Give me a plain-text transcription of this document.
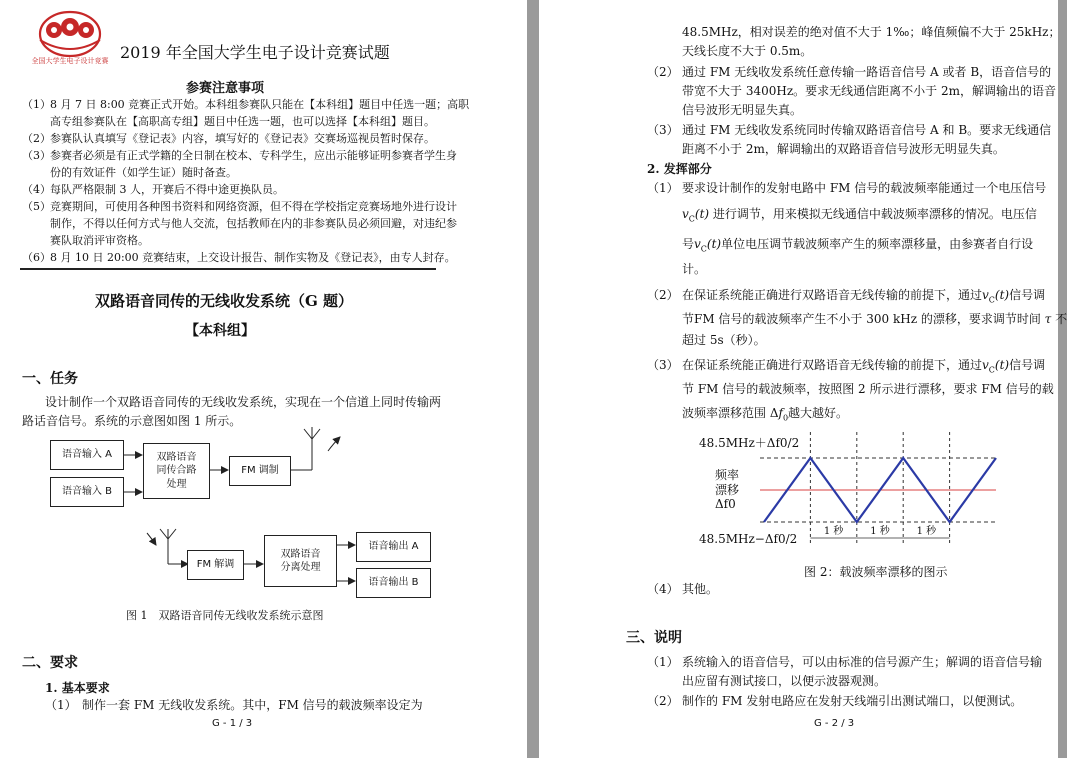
全国大学生电子设计竞赛 2019 年全国大学生电子设计竞赛试题
参赛注意事项
（1）8 月 7 日 8:00 竞赛正式开始。本科组参赛队只能在【本科组】题目中任选一题；高职
高专组参赛队在【高职高专组】题目中任选一题，也可以选择【本科组】题目。
（2）参赛队认真填写《登记表》内容，填写好的《登记表》交赛场巡视员暂时保存。
（3）参赛者必须是有正式学籍的全日制在校本、专科学生，应出示能够证明参赛者学生身
份的有效证件（如学生证）随时备查。
（4）每队严格限制 3 人，开赛后不得中途更换队员。
（5）竞赛期间，可使用各种图书资料和网络资源，但不得在学校指定竞赛场地外进行设计
制作，不得以任何方式与他人交流，包括教师在内的非参赛队员必须回避，对违纪参
赛队取消评审资格。
（6）8 月 10 日 20:00 竞赛结束，上交设计报告、制作实物及《登记表》，由专人封存。
双路语音同传的无线收发系统（G 题）
【本科组】
一、任务
设计制作一个双路语音同传的无线收发系统，实现在一个信道上同时传输两
路话音信号。系统的示意图如图 1 所示。
语音输入 A
语音输入 B
双路语音
同传合路
处理
FM 调制
FM 解调
双路语音
分离处理
语音输出 A
语音输出 B
图 1　双路语音同传无线收发系统示意图
二、要求
1. 基本要求
（1） 制作一套 FM 无线收发系统。其中，FM 信号的载波频率设定为
G - 1 / 3
48.5MHz，相对误差的绝对值不大于 1‰；峰值频偏不大于 25kHz；
天线长度不大于 0.5m。
（2） 通过 FM 无线收发系统任意传输一路语音信号 A 或者 B，语音信号的
带宽不大于 3400Hz。要求无线通信距离不小于 2m，解调输出的语音
信号波形无明显失真。
（3） 通过 FM 无线收发系统同时传输双路语音信号 A 和 B。要求无线通信
距离不小于 2m，解调输出的双路语音信号波形无明显失真。
2. 发挥部分
（1） 要求设计制作的发射电路中 FM 信号的载波频率能通过一个电压信号
$v_C(t)$ 进行调节，用来模拟无线通信中载波频率漂移的情况。电压信
号$v_C(t)$单位电压调节载波频率产生的频率漂移量，由参赛者自行设
计。
（2） 在保证系统能正确进行双路语音无线传输的前提下，通过$v_C(t)$信号调
节FM 信号的载波频率产生不小于 300 kHz 的漂移，要求调节时间 τ 不
超过 5s（秒）。
（3） 在保证系统能正确进行双路语音无线传输的前提下，通过$v_C(t)$信号调
节 FM 信号的载波频率，按照图 2 所示进行漂移，要求 FM 信号的载
波频率漂移范围 $\Delta f_0$越大越好。
1 秒	1 秒	1 秒
48.5MHz＋Δf0/2
48.5MHz−Δf0/2
频率
漂移
Δf0
图 2：载波频率漂移的图示
（4） 其他。
三、说明
（1） 系统输入的语音信号，可以由标准的信号源产生；解调的语音信号输
出应留有测试接口，以便示波器观测。
（2） 制作的 FM 发射电路应在发射天线端引出测试端口，以便测试。
G - 2 / 3
